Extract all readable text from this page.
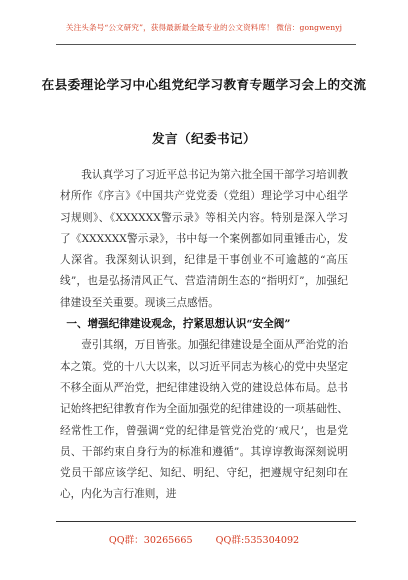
关注头条号“公文研究”，获得最新最全最专业的公文资料库！ 微信：gongwenyj
在县委理论学习中心组党纪学习教育专题学习会上的交流
发言（纪委书记）

我认真学习了习近平总书记为第六批全国干部学习培训教材所作《序言》《中国共产党党委（党组）理论学习中心组学习规则》、《XXXXXX警示录》等相关内容。特别是深入学习了《XXXXXX警示录》，书中每一个案例都如同重锤击心，发人深省。我深刻认识到，纪律是干事创业不可逾越的“高压线”，也是弘扬清风正气、营造清朗生态的“指明灯”，加强纪律建设至关重要。现谈三点感悟。

一、增强纪律建设观念，拧紧思想认识“安全阀”

壹引其纲，万目皆张。加强纪律建设是全面从严治党的治本之策。党的十八大以来，以习近平同志为核心的党中央坚定不移全面从严治党，把纪律建设纳入党的建设总体布局。总书记始终把纪律教育作为全面加强党的纪律建设的一项基础性、经常性工作，曾强调“党的纪律是管党治党的‘戒尺’，也是党员、干部约束自身行为的标准和遵循”。其谆谆教诲深刻说明党员干部应该学纪、知纪、明纪、守纪，把遵规守纪刻印在心，内化为言行准则，进

QQ群：30265665 QQ群:535304092
